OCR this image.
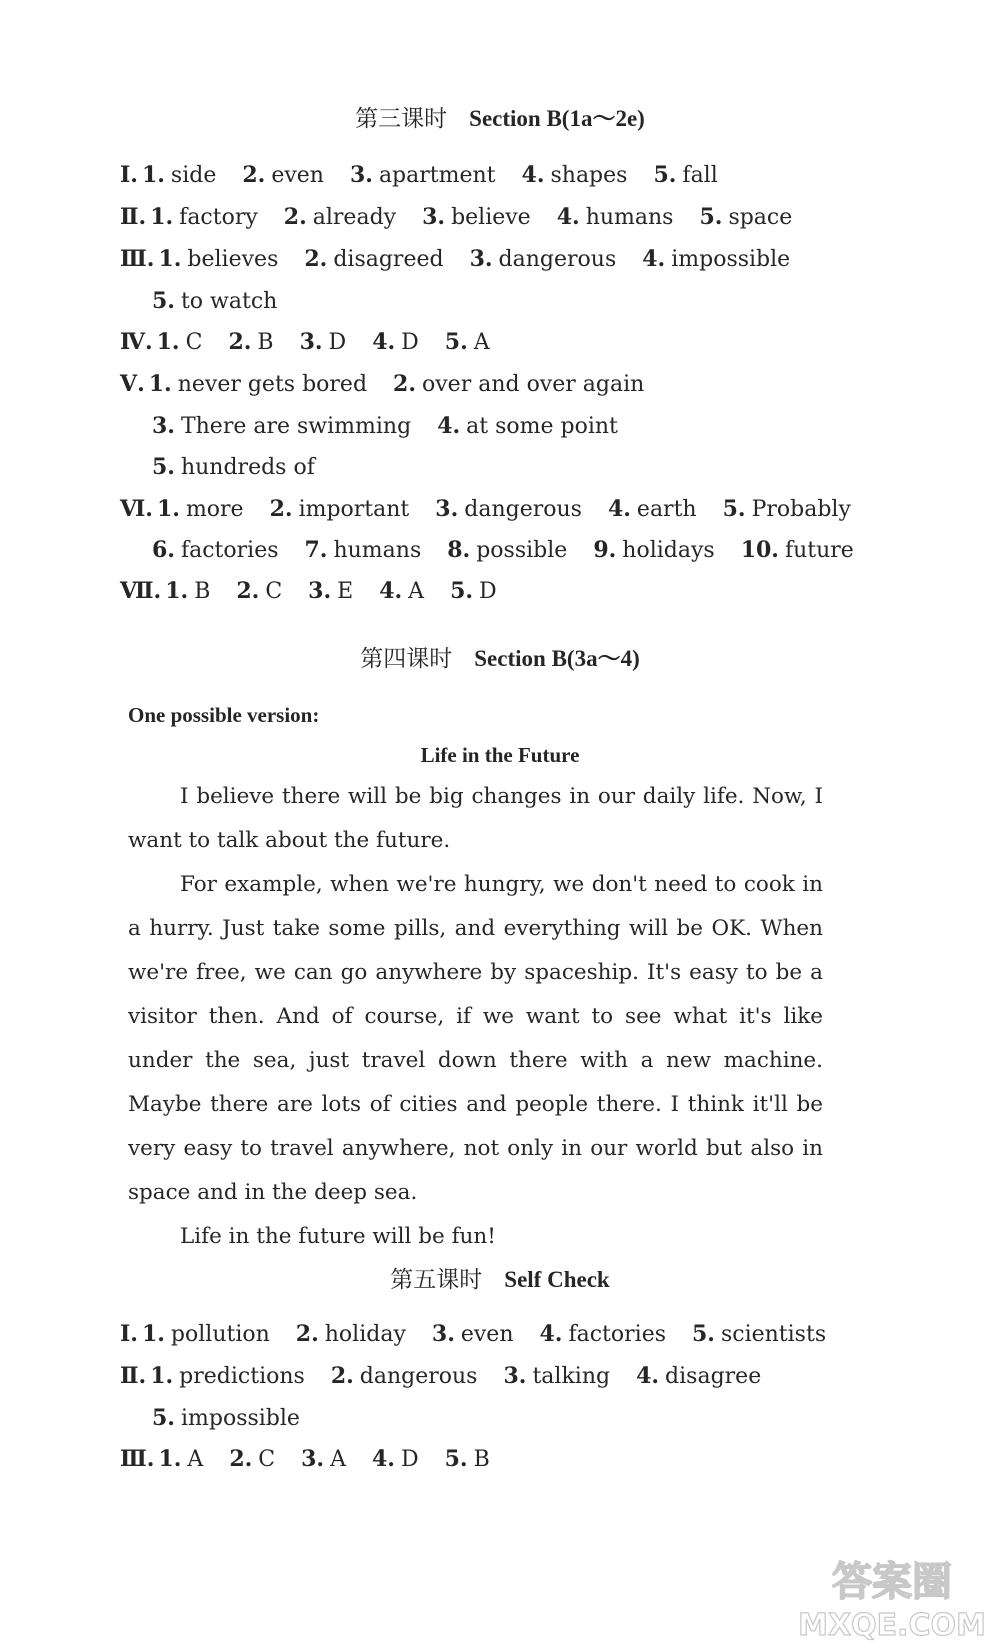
第三课时 Section B(1a～2e)
Ⅰ. 1. side 2. even 3. apartment 4. shapes 5. fall
Ⅱ. 1. factory 2. already 3. believe 4. humans 5. space
Ⅲ. 1. believes 2. disagreed 3. dangerous 4. impossible
5. to watch
Ⅳ. 1. C 2. B 3. D 4. D 5. A
Ⅴ. 1. never gets bored 2. over and over again
3. There are swimming 4. at some point
5. hundreds of
Ⅵ. 1. more 2. important 3. dangerous 4. earth 5. Probably
6. factories 7. humans 8. possible 9. holidays 10. future
Ⅶ. 1. B 2. C 3. E 4. A 5. D
第四课时 Section B(3a～4)
One possible version:
Life in the Future

I believe there will be big changes in our daily life. Now, I want to talk about the future.

For example, when we're hungry, we don't need to cook in a hurry. Just take some pills, and everything will be OK. When we're free, we can go anywhere by spaceship. It's easy to be a visitor then. And of course, if we want to see what it's like under the sea, just travel down there with a new machine. Maybe there are lots of cities and people there. I think it'll be very easy to travel anywhere, not only in our world but also in space and in the deep sea.

Life in the future will be fun!

第五课时 Self Check
Ⅰ. 1. pollution 2. holiday 3. even 4. factories 5. scientists
Ⅱ. 1. predictions 2. dangerous 3. talking 4. disagree
5. impossible
Ⅲ. 1. A 2. C 3. A 4. D 5. B
答案圈
MXQE.COM
